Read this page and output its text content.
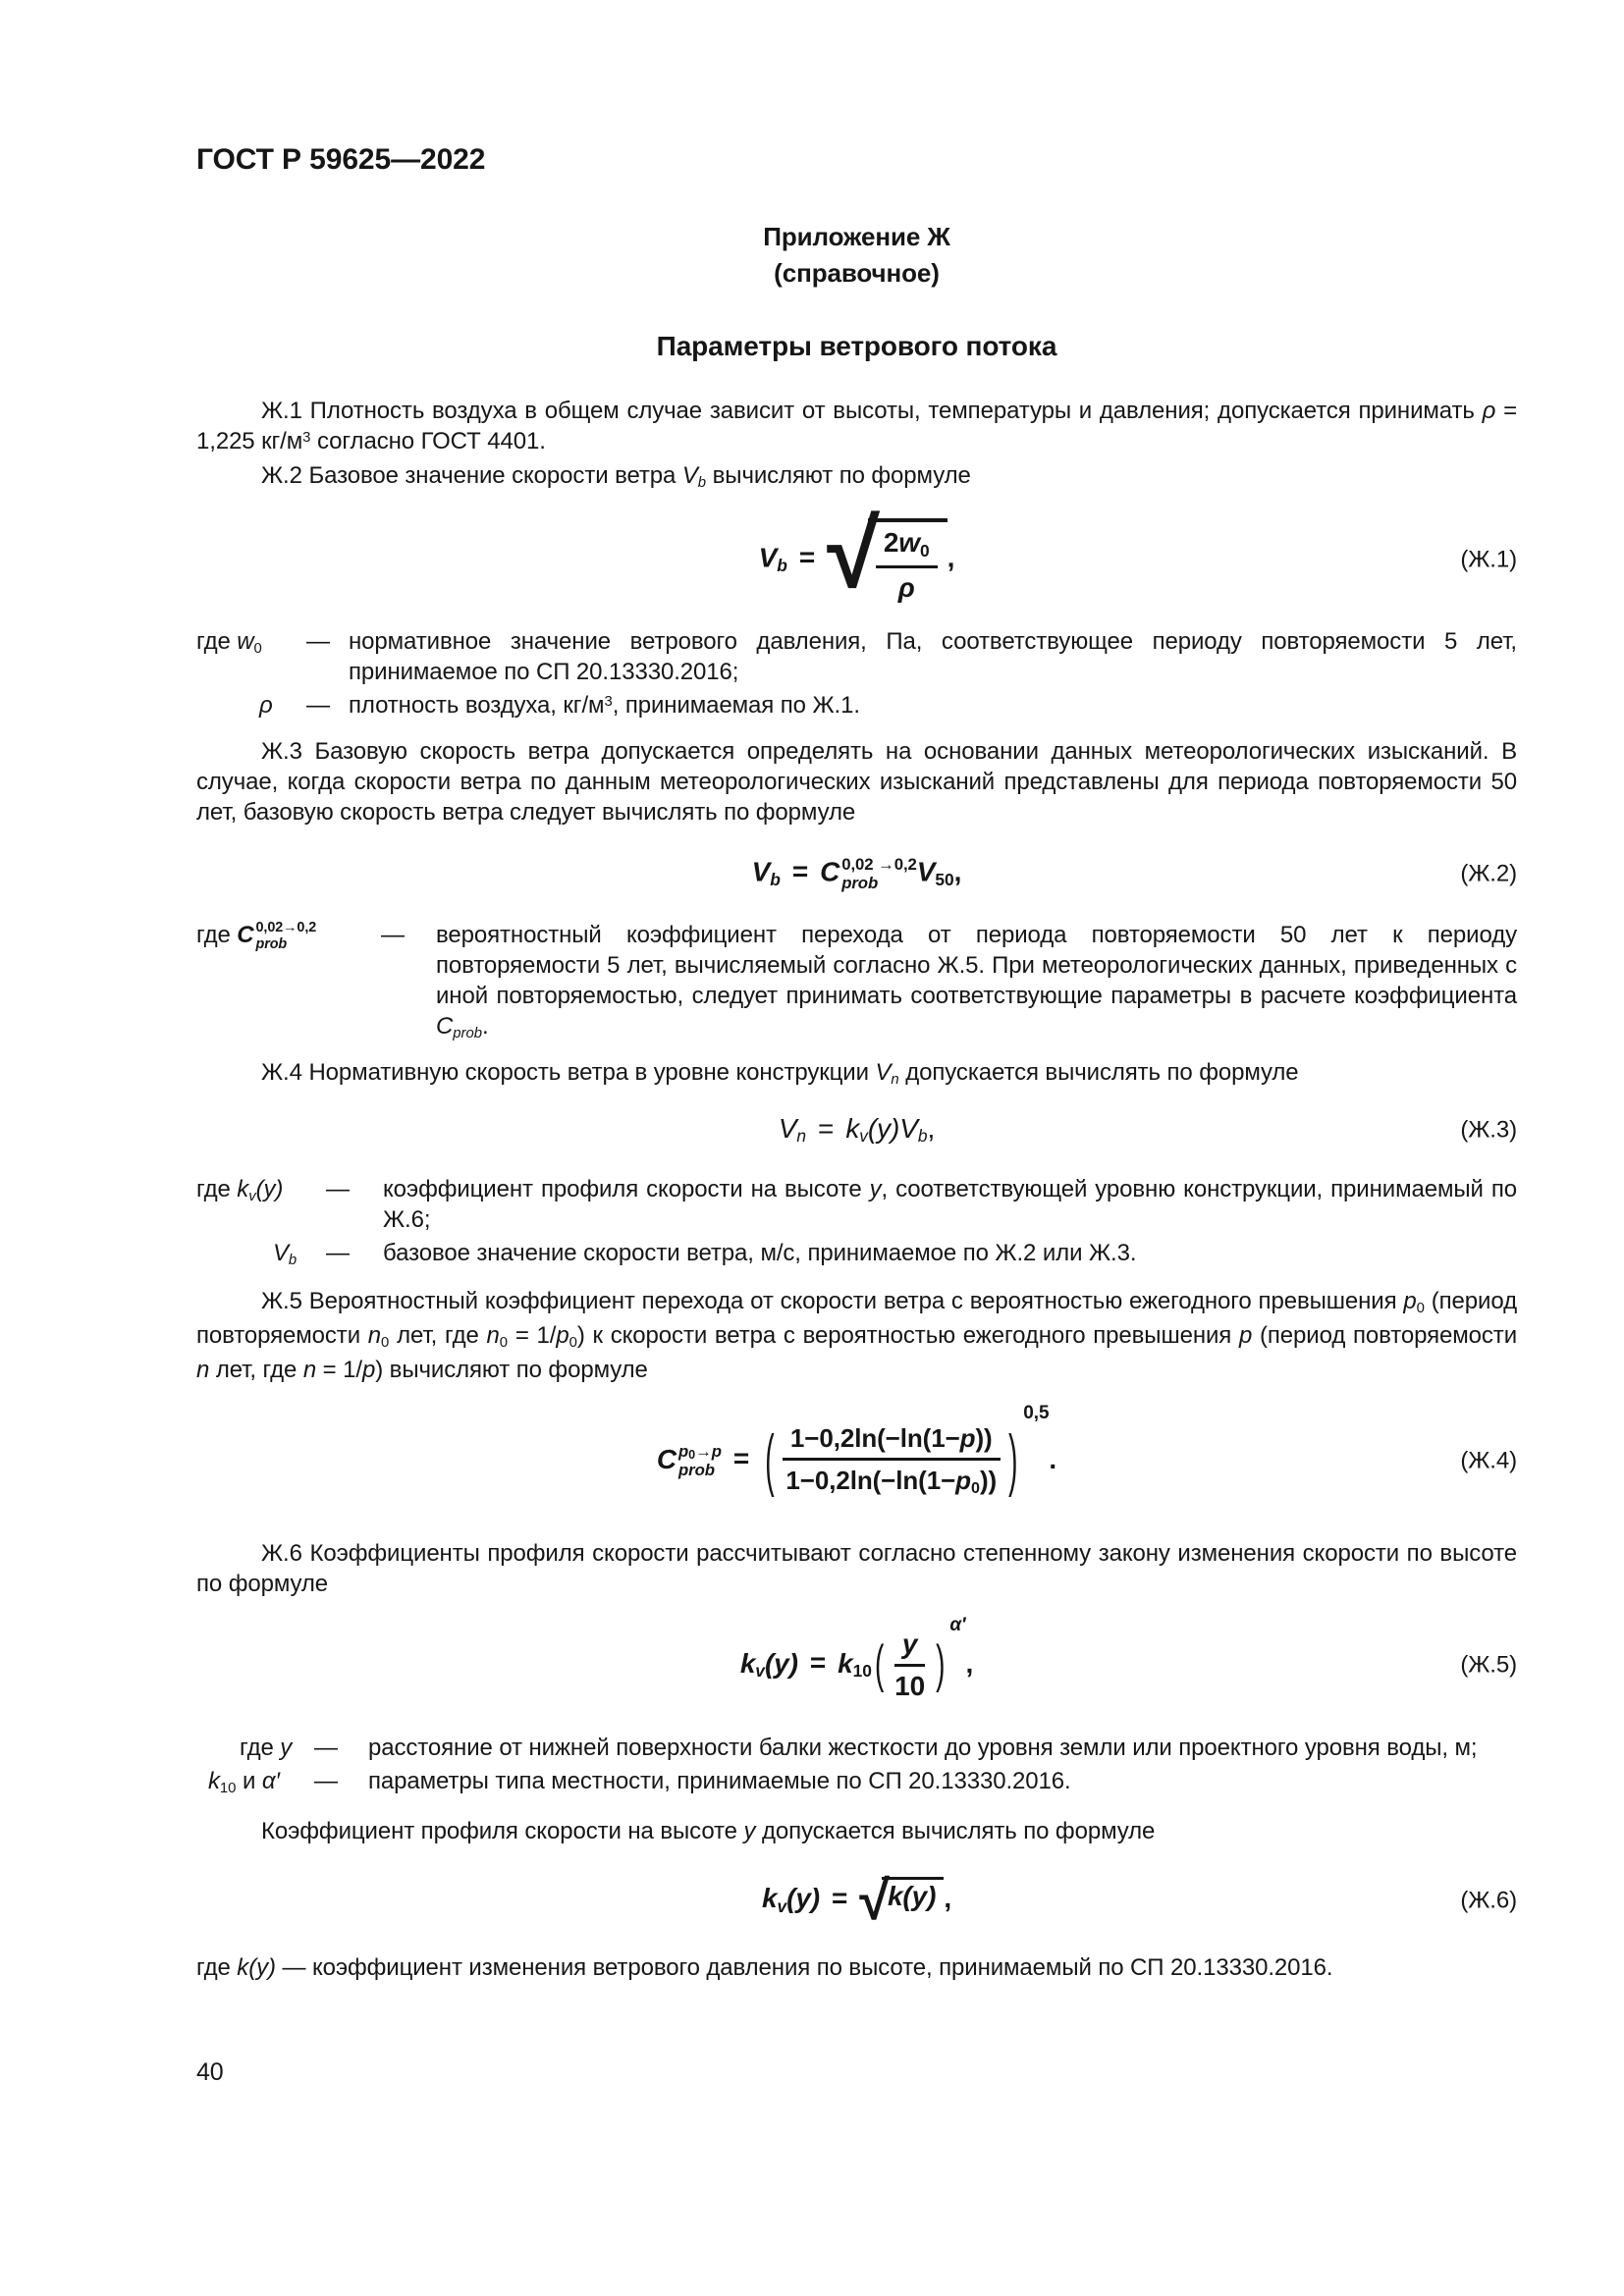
ГОСТ Р 59625—2022
Приложение Ж
(справочное)
Параметры ветрового потока

Ж.1 Плотность воздуха в общем случае зависит от высоты, температуры и давления; допускается принимать ρ = 1,225 $кг/м^3$ согласно ГОСТ 4401.

Ж.2 Базовое значение скорости ветра Vb вычисляют по формуле

Vb = √
$\frac{2w0}{\rho}$ ,	(Ж.1)
где w0	— нормативное значение ветрового давления, Па, соответствующее периоду повторяемости 5 лет, принимаемое по СП 20.13330.2016;
ρ	— плотность воздуха, $кг/м^3$, принимаемая по Ж.1.

Ж.3 Базовую скорость ветра допускается определять на основании данных метеорологических изысканий. В случае, когда скорости ветра по данным метеорологических изысканий представлены для периода повторяемости 50 лет, базовую скорость ветра следует вычислять по формуле

Vb = C 0,02 →0,2
prob V50,	(Ж.2)
где C 0,02→0,2
prob	—	вероятностный коэффициент перехода от периода повторяемости 50 лет к периоду повторяемости 5 лет, вычисляемый согласно Ж.5. При метеорологических данных, приведенных с иной повторяемостью, следует принимать соответствующие параметры в расчете коэффициента Cprob.

Ж.4 Нормативную скорость ветра в уровне конструкции Vn допускается вычислять по формуле

Vn = kv(y)Vb,	(Ж.3)
где kv(y)	—	коэффициент профиля скорости на высоте y, соответствующей уровню конструкции, принимаемый по Ж.6;
Vb	—	базовое значение скорости ветра, м/с, принимаемое по Ж.2 или Ж.3.

Ж.5 Вероятностный коэффициент перехода от скорости ветра с вероятностью ежегодного превышения p0 (период повторяемости n0 лет, где n0 = 1/p0) к скорости ветра с вероятностью ежегодного превышения p (период повторяемости n лет, где n = 1/p) вычисляют по формуле

C p0→p
prob = ( $\frac{1-0,2\ln(-\ln(1-p))}{1-0,2\ln(-\ln(1-p0))} )^{0,5}$.	(Ж.4)

Ж.6 Коэффициенты профиля скорости рассчитывают согласно степенному закону изменения скорости по высоте по формуле

kv(y) = k10 ( $\frac{y}{10} )^{\alpha'}$,	(Ж.5)
где y —	расстояние от нижней поверхности балки жесткости до уровня земли или проектного уровня воды, м;
k10 и α′	—	параметры типа местности, принимаемые по СП 20.13330.2016.

Коэффициент профиля скорости на высоте y допускается вычислять по формуле

kv(y) = √
k(y) ,	(Ж.6)

где k(y) — коэффициент изменения ветрового давления по высоте, принимаемый по СП 20.13330.2016.

40
